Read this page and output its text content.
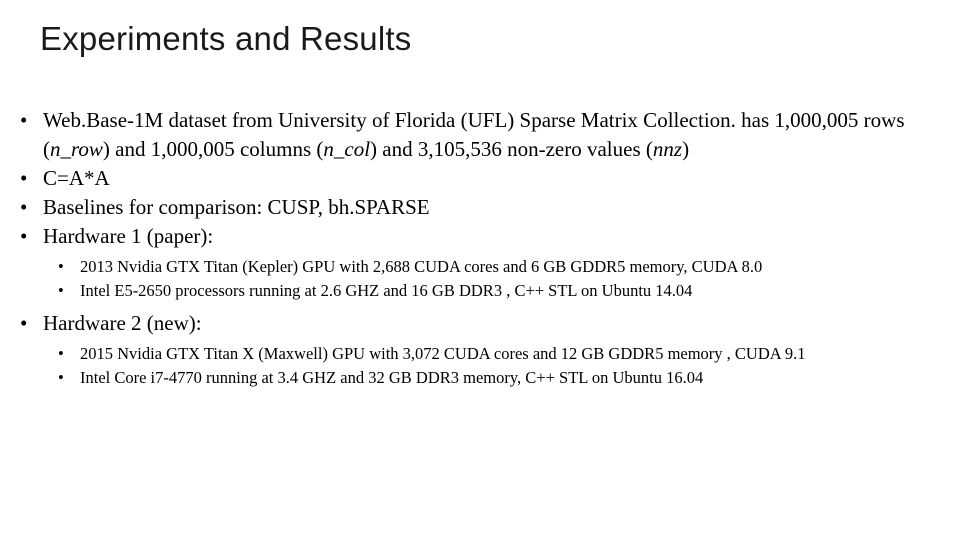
Experiments and Results
• Web.Base-1M dataset from University of Florida (UFL) Sparse Matrix Collection. has 1,000,005 rows (n_row) and 1,000,005 columns (n_col) and 3,105,536 non-zero values (nnz)
• C=A*A
• Baselines for comparison: CUSP, bh.SPARSE
• Hardware 1 (paper):
• 2013 Nvidia GTX Titan (Kepler) GPU with 2,688 CUDA cores and 6 GB GDDR5 memory, CUDA 8.0
• Intel E5-2650 processors running at 2.6 GHZ and 16 GB DDR3 , C++ STL on Ubuntu 14.04
• Hardware 2 (new):
• 2015 Nvidia GTX Titan X (Maxwell) GPU with 3,072 CUDA cores and 12 GB GDDR5 memory , CUDA 9.1
• Intel Core i7-4770 running at 3.4 GHZ and 32 GB DDR3 memory, C++ STL on Ubuntu 16.04
